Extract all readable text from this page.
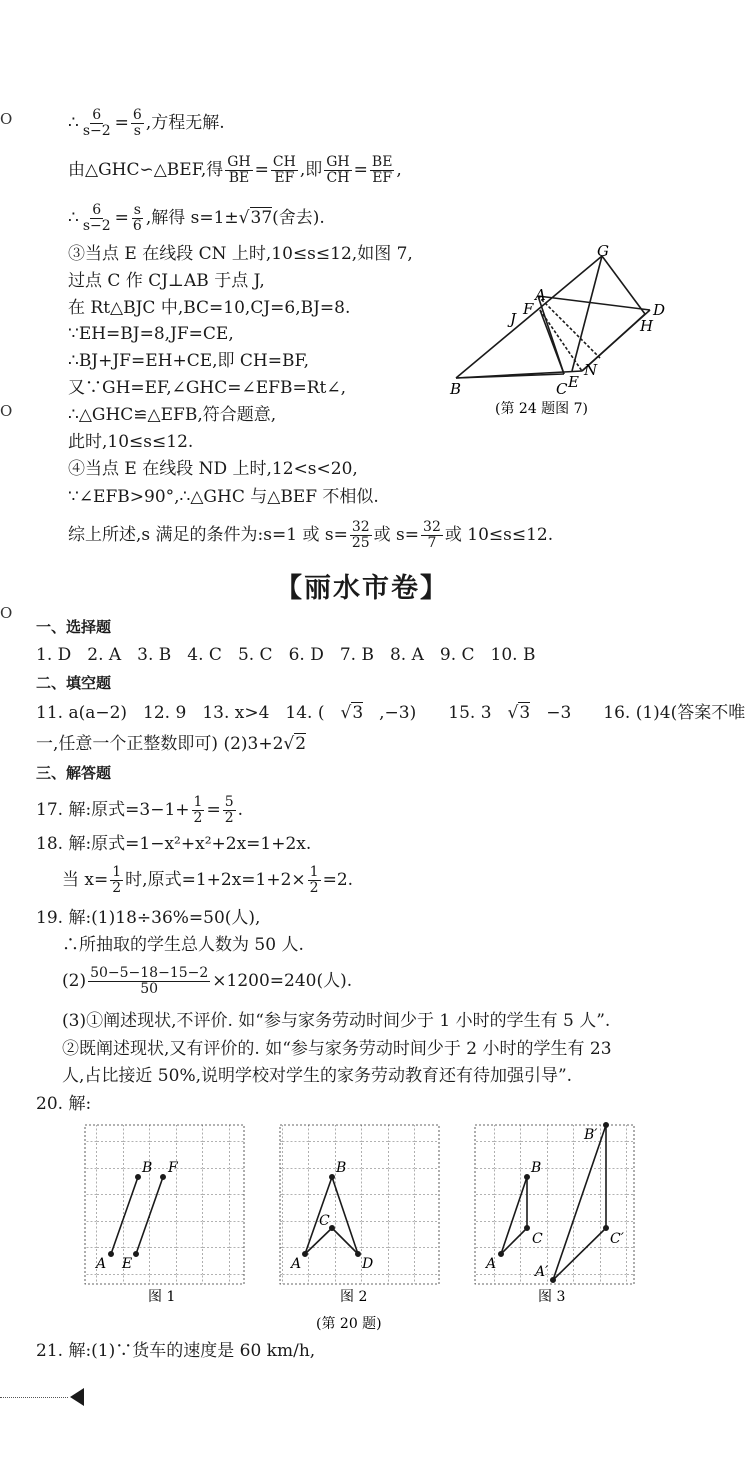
O
O
O
∴ $\frac{6}{s-2} = \frac{6}{s}$ ,方程无解.
由△GHC∽△BEF,得 $\frac{GH}{BE} = \frac{CH}{EF}$ ,即 $\frac{GH}{CH} = \frac{BE}{EF}$ ,
∴ $\frac{6}{s-2} = \frac{s}{6}$ ,解得 s=1±√37(舍去).
③当点 E 在线段 CN 上时,10≤s≤12,如图 7,
过点 C 作 CJ⊥AB 于点 J,
在 Rt△BJC 中,BC=10,CJ=6,BJ=8.
∵EH=BJ=8,JF=CE,
∴BJ+JF=EH+CE,即 CH=BF,
又∵GH=EF,∠GHC=∠EFB=Rt∠,
∴△GHC≌△EFB,符合题意,
此时,10≤s≤12.
④当点 E 在线段 ND 上时,12<s<20,
∵∠EFB>90°,∴△GHC 与△BEF 不相似.
综上所述,s 满足的条件为:s=1 或 $s= \frac{32}{25}$ 或 $s= \frac{32}{7}$ 或 10≤s≤12.
G
A
F
J	D
H
B	C E
N
(第 24 题图 7)
【丽水市卷】
一、选择题
1. D 2. A 3. B 4. C 5. C 6. D 7. B 8. A 9. C 10. B
二、填空题
11. a(a−2) 12. 9 13. x>4 14. ( √3 ,−3) 15. 3 √3 −3 16. (1)4(答案不唯
一,任意一个正整数即可) (2)3+2√2
三、解答题
17. 解:原式$=3-1+ \frac{1}{2} = \frac{5}{2}$ .
18. 解:原式=1−x²+x²+2x=1+2x.
当 $x= \frac{1}{2}$ 时,原式$=1+2x=1+2\times \frac{1}{2} =2$.
19. 解:(1)18÷36%=50(人),
∴所抽取的学生总人数为 50 人.
$(2) \frac{50-5-18-15-2}{50} \times 1200=240$(人).
(3)①阐述现状,不评价. 如“参与家务劳动时间少于 1 小时的学生有 5 人”.
②既阐述现状,又有评价的. 如“参与家务劳动时间少于 2 小时的学生有 23
人,占比接近 50%,说明学校对学生的家务劳动教育还有待加强引导”.
20. 解:
A E
B F
图 1
A
B
C
D
图 2
A
B
C
A′
B′
C′
图 3
(第 20 题)
21. 解:(1)∵货车的速度是 60 km/h,
